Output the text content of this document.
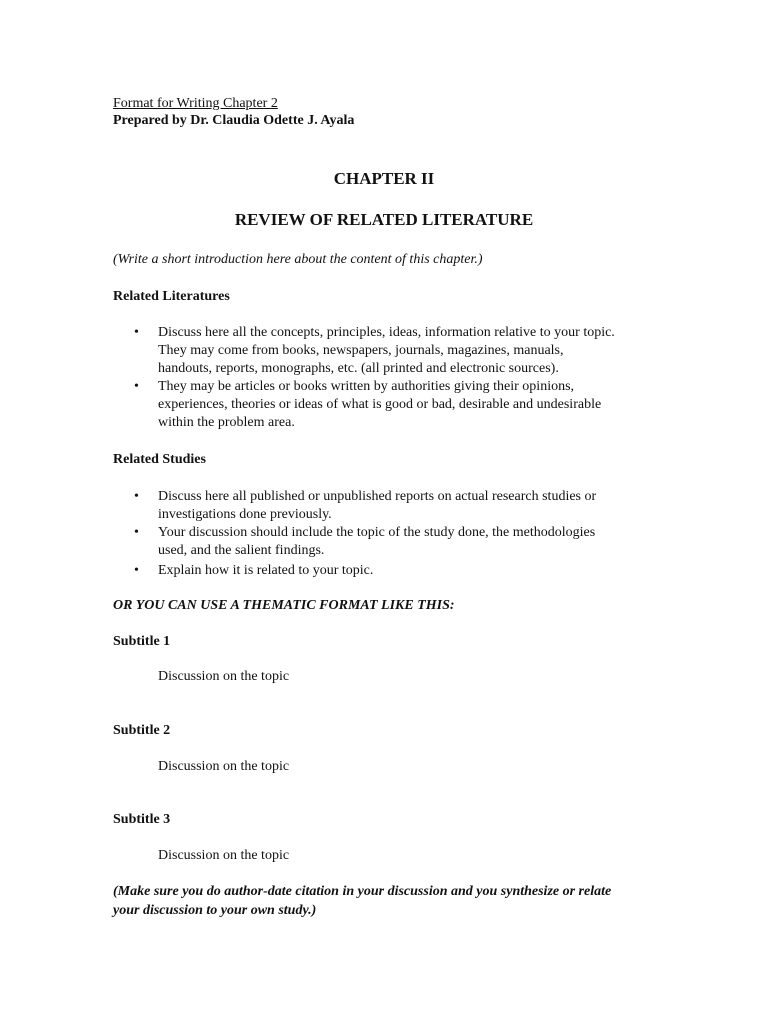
Format for Writing Chapter 2
Prepared by Dr. Claudia Odette J. Ayala
CHAPTER II
REVIEW OF RELATED LITERATURE
(Write a short introduction here about the content of this chapter.)
Related Literatures
• Discuss here all the concepts, principles, ideas, information relative to your topic.
They may come from books, newspapers, journals, magazines, manuals,
handouts, reports, monographs, etc. (all printed and electronic sources).
• They may be articles or books written by authorities giving their opinions,
experiences, theories or ideas of what is good or bad, desirable and undesirable
within the problem area.
Related Studies
• Discuss here all published or unpublished reports on actual research studies or
investigations done previously.
• Your discussion should include the topic of the study done, the methodologies
used, and the salient findings.
• Explain how it is related to your topic.
OR YOU CAN USE A THEMATIC FORMAT LIKE THIS:
Subtitle 1
Discussion on the topic
Subtitle 2
Discussion on the topic
Subtitle 3
Discussion on the topic
(Make sure you do author-date citation in your discussion and you synthesize or relate
your discussion to your own study.)
